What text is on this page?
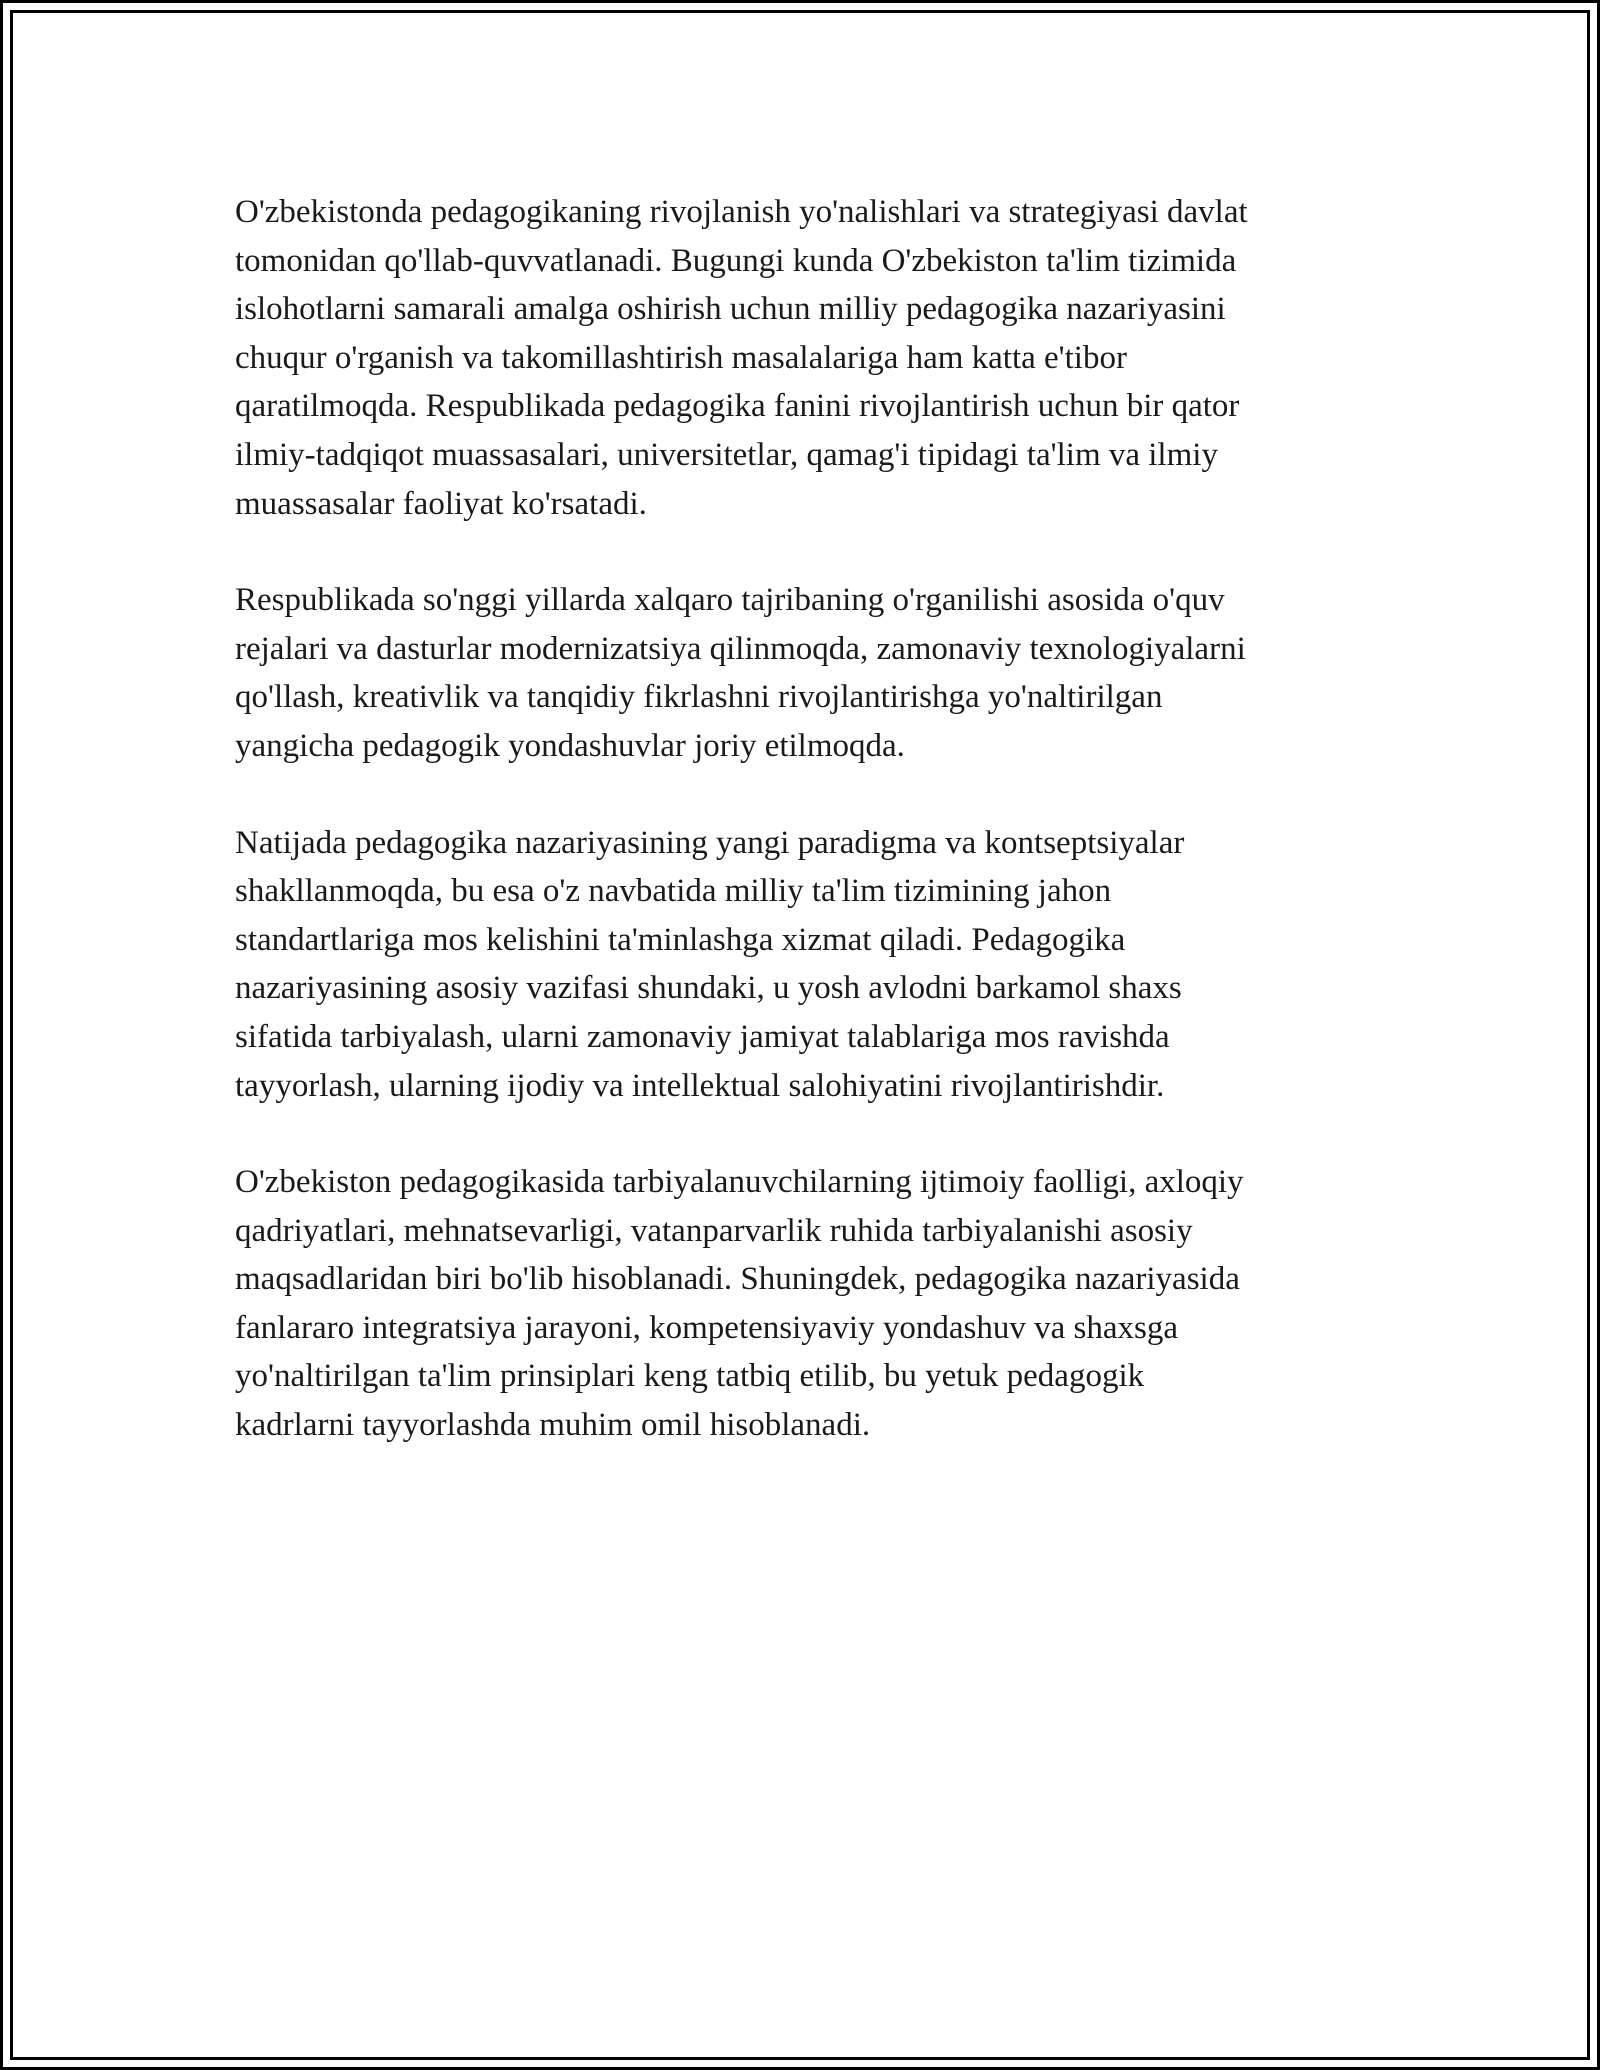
O'zbekistonda pedagogikaning rivojlanish yo'nalishlari va strategiyasi davlat
tomonidan qo'llab-quvvatlanadi. Bugungi kunda O'zbekiston ta'lim tizimida
islohotlarni samarali amalga oshirish uchun milliy pedagogika nazariyasini
chuqur o'rganish va takomillashtirish masalalariga ham katta e'tibor
qaratilmoqda. Respublikada pedagogika fanini rivojlantirish uchun bir qator
ilmiy-tadqiqot muassasalari, universitetlar, qamag'i tipidagi ta'lim va ilmiy
muassasalar faoliyat ko'rsatadi.

Respublikada so'nggi yillarda xalqaro tajribaning o'rganilishi asosida o'quv
rejalari va dasturlar modernizatsiya qilinmoqda, zamonaviy texnologiyalarni
qo'llash, kreativlik va tanqidiy fikrlashni rivojlantirishga yo'naltirilgan
yangicha pedagogik yondashuvlar joriy etilmoqda.

Natijada pedagogika nazariyasining yangi paradigma va kontseptsiyalar
shakllanmoqda, bu esa o'z navbatida milliy ta'lim tizimining jahon
standartlariga mos kelishini ta'minlashga xizmat qiladi. Pedagogika
nazariyasining asosiy vazifasi shundaki, u yosh avlodni barkamol shaxs
sifatida tarbiyalash, ularni zamonaviy jamiyat talablariga mos ravishda
tayyorlash, ularning ijodiy va intellektual salohiyatini rivojlantirishdir.

O'zbekiston pedagogikasida tarbiyalanuvchilarning ijtimoiy faolligi, axloqiy
qadriyatlari, mehnatsevarligi, vatanparvarlik ruhida tarbiyalanishi asosiy
maqsadlaridan biri bo'lib hisoblanadi. Shuningdek, pedagogika nazariyasida
fanlararo integratsiya jarayoni, kompetensiyaviy yondashuv va shaxsga
yo'naltirilgan ta'lim prinsiplari keng tatbiq etilib, bu yetuk pedagogik
kadrlarni tayyorlashda muhim omil hisoblanadi.
